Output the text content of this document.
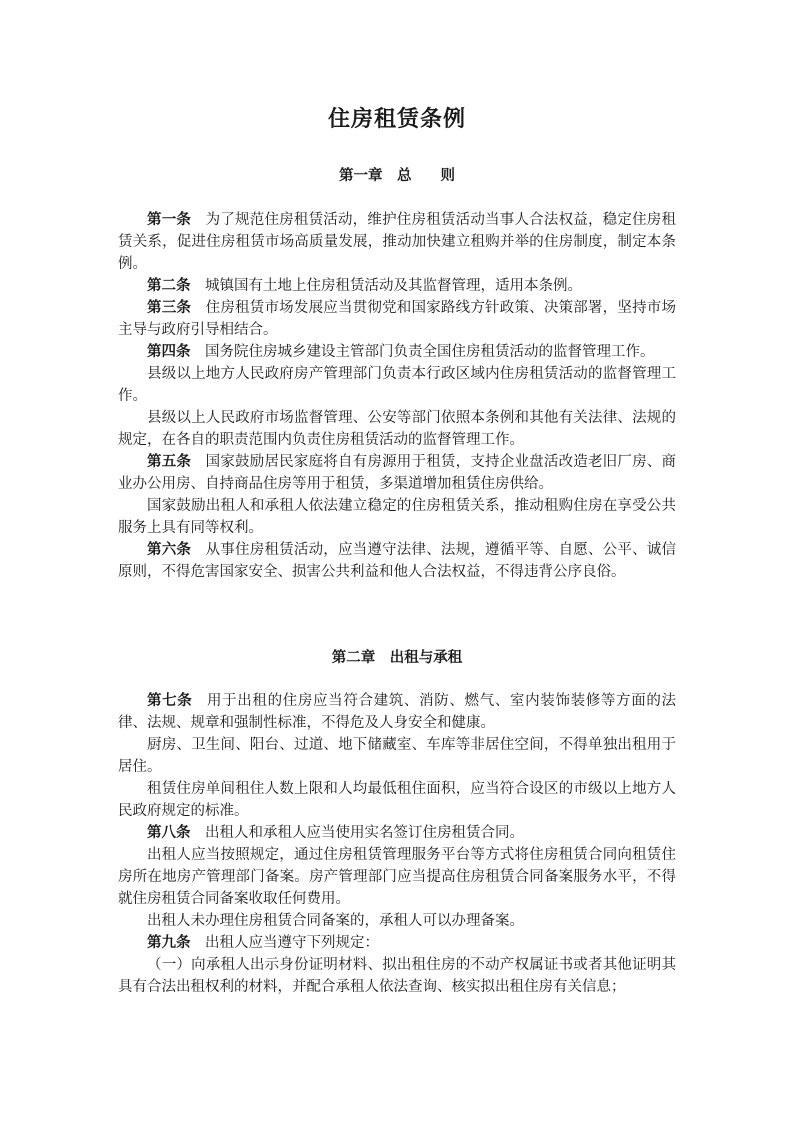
住房租赁条例
第一章　总　　则

第一条 为了规范住房租赁活动，维护住房租赁活动当事人合法权益，稳定住房租赁关系，促进住房租赁市场高质量发展，推动加快建立租购并举的住房制度，制定本条例。

第二条 城镇国有土地上住房租赁活动及其监督管理，适用本条例。

第三条 住房租赁市场发展应当贯彻党和国家路线方针政策、决策部署，坚持市场主导与政府引导相结合。

第四条 国务院住房城乡建设主管部门负责全国住房租赁活动的监督管理工作。

县级以上地方人民政府房产管理部门负责本行政区域内住房租赁活动的监督管理工作。

县级以上人民政府市场监督管理、公安等部门依照本条例和其他有关法律、法规的规定，在各自的职责范围内负责住房租赁活动的监督管理工作。

第五条 国家鼓励居民家庭将自有房源用于租赁，支持企业盘活改造老旧厂房、商业办公用房、自持商品住房等用于租赁，多渠道增加租赁住房供给。

国家鼓励出租人和承租人依法建立稳定的住房租赁关系，推动租购住房在享受公共服务上具有同等权利。

第六条 从事住房租赁活动，应当遵守法律、法规，遵循平等、自愿、公平、诚信原则，不得危害国家安全、损害公共利益和他人合法权益，不得违背公序良俗。

第二章　出租与承租

第七条 用于出租的住房应当符合建筑、消防、燃气、室内装饰装修等方面的法律、法规、规章和强制性标准，不得危及人身安全和健康。

厨房、卫生间、阳台、过道、地下储藏室、车库等非居住空间，不得单独出租用于居住。

租赁住房单间租住人数上限和人均最低租住面积，应当符合设区的市级以上地方人民政府规定的标准。

第八条 出租人和承租人应当使用实名签订住房租赁合同。

出租人应当按照规定，通过住房租赁管理服务平台等方式将住房租赁合同向租赁住房所在地房产管理部门备案。房产管理部门应当提高住房租赁合同备案服务水平，不得就住房租赁合同备案收取任何费用。

出租人未办理住房租赁合同备案的，承租人可以办理备案。

第九条 出租人应当遵守下列规定：

（一）向承租人出示身份证明材料、拟出租住房的不动产权属证书或者其他证明其具有合法出租权利的材料，并配合承租人依法查询、核实拟出租住房有关信息；
